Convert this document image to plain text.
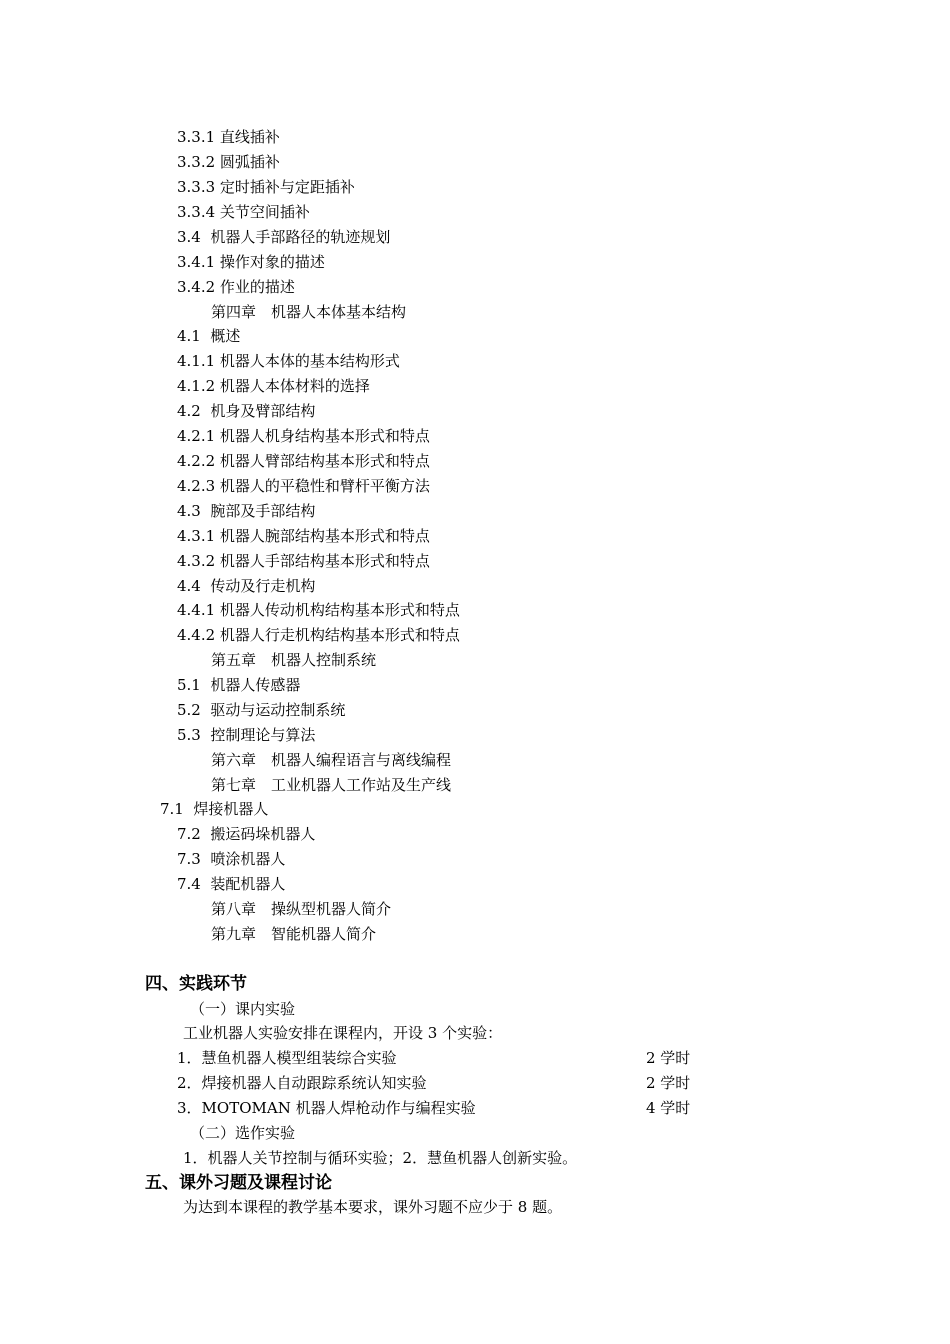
3.3.1 直线插补
3.3.2 圆弧插补
3.3.3 定时插补与定距插补
3.3.4 关节空间插补
3.4  机器人手部路径的轨迹规划
3.4.1 操作对象的描述
3.4.2 作业的描述
第四章　机器人本体基本结构
4.1  概述
4.1.1 机器人本体的基本结构形式
4.1.2 机器人本体材料的选择
4.2  机身及臂部结构
4.2.1 机器人机身结构基本形式和特点
4.2.2 机器人臂部结构基本形式和特点
4.2.3 机器人的平稳性和臂杆平衡方法
4.3  腕部及手部结构
4.3.1 机器人腕部结构基本形式和特点
4.3.2 机器人手部结构基本形式和特点
4.4  传动及行走机构
4.4.1 机器人传动机构结构基本形式和特点
4.4.2 机器人行走机构结构基本形式和特点
第五章　机器人控制系统
5.1  机器人传感器
5.2  驱动与运动控制系统
5.3  控制理论与算法
第六章　机器人编程语言与离线编程
第七章　工业机器人工作站及生产线
7.1  焊接机器人
7.2  搬运码垛机器人
7.3  喷涂机器人
7.4  装配机器人
第八章　操纵型机器人简介
第九章　智能机器人简介
四、实践环节
（一）课内实验
工业机器人实验安排在课程内，开设 3 个实验：
1．慧鱼机器人模型组装综合实验	2 学时
2．焊接机器人自动跟踪系统认知实验	2 学时
3．MOTOMAN 机器人焊枪动作与编程实验	4 学时
（二）选作实验
1．机器人关节控制与循环实验；2．慧鱼机器人创新实验。
五、课外习题及课程讨论
为达到本课程的教学基本要求，课外习题不应少于 8 题。
